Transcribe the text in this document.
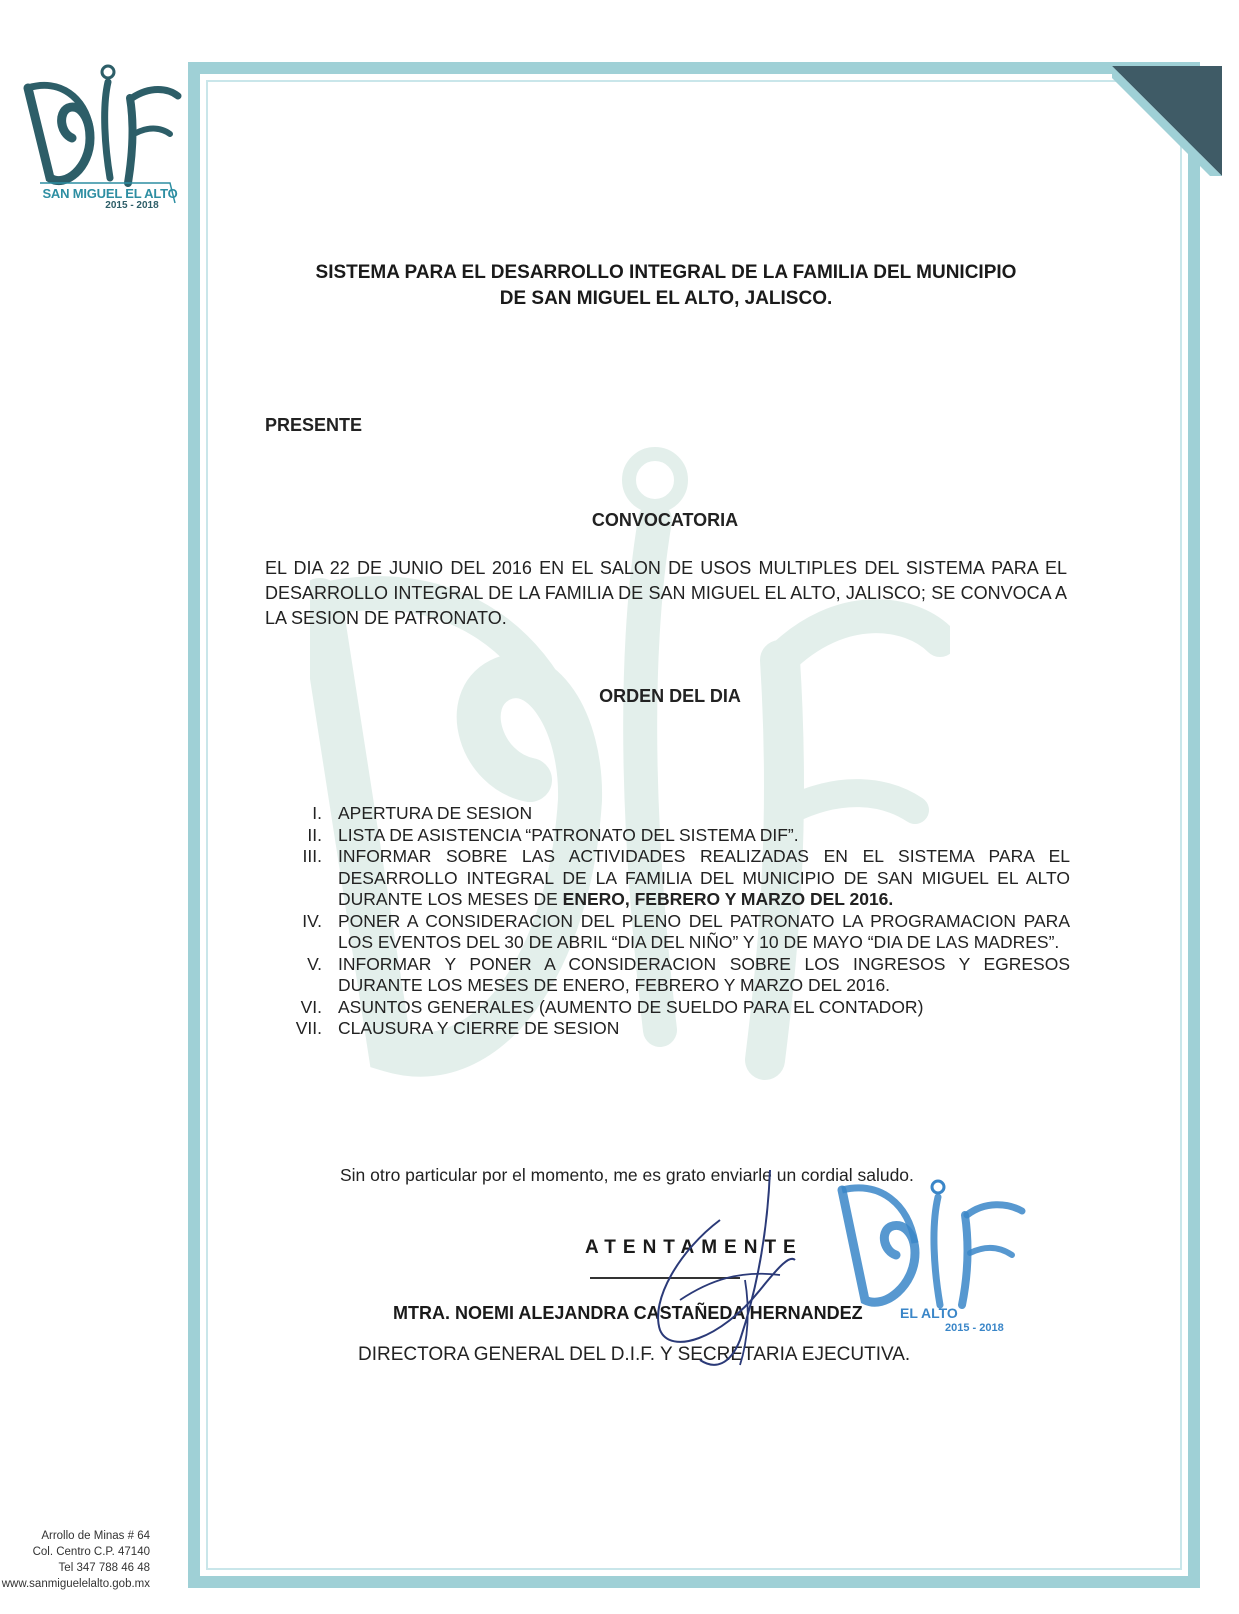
SAN MIGUEL EL ALTO
2015 - 2018
SISTEMA PARA EL DESARROLLO INTEGRAL DE LA FAMILIA DEL MUNICIPIO
DE SAN MIGUEL EL ALTO, JALISCO.
PRESENTE
CONVOCATORIA
EL DIA 22 DE JUNIO DEL 2016 EN EL SALON DE USOS MULTIPLES DEL SISTEMA PARA EL DESARROLLO INTEGRAL DE LA FAMILIA DE SAN MIGUEL EL ALTO, JALISCO; SE CONVOCA A LA SESION DE PATRONATO.
ORDEN DEL DIA
I. APERTURA DE SESION
II. LISTA DE ASISTENCIA “PATRONATO DEL SISTEMA DIF”.
III. INFORMAR SOBRE LAS ACTIVIDADES REALIZADAS EN EL SISTEMA PARA EL DESARROLLO INTEGRAL DE LA FAMILIA DEL MUNICIPIO DE SAN MIGUEL EL ALTO DURANTE LOS MESES DE ENERO, FEBRERO Y MARZO DEL 2016.
IV. PONER A CONSIDERACION DEL PLENO DEL PATRONATO LA PROGRAMACION PARA LOS EVENTOS DEL 30 DE ABRIL “DIA DEL NIÑO” Y 10 DE MAYO “DIA DE LAS MADRES”.
V. INFORMAR Y PONER A CONSIDERACION SOBRE LOS INGRESOS Y EGRESOS DURANTE LOS MESES DE ENERO, FEBRERO Y MARZO DEL 2016.
VI. ASUNTOS GENERALES (AUMENTO DE SUELDO PARA EL CONTADOR)
VII. CLAUSURA Y CIERRE DE SESION
Sin otro particular por el momento, me es grato enviarle un cordial saludo.
EL ALTO
2015 - 2018
ATENTAMENTE
MTRA. NOEMI ALEJANDRA CASTAÑEDA HERNANDEZ
DIRECTORA GENERAL DEL D.I.F. Y SECRETARIA EJECUTIVA.
Arrollo de Minas # 64
Col. Centro C.P. 47140
Tel 347 788 46 48
www.sanmiguelelalto.gob.mx
